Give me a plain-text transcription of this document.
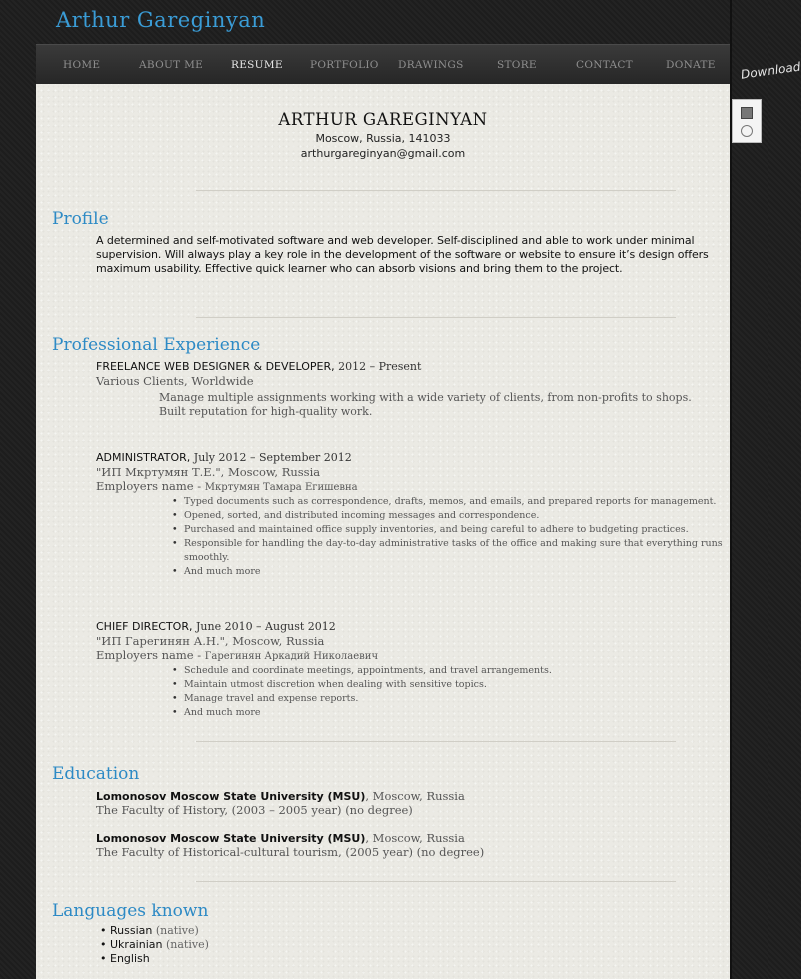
Arthur Gareginyan
HOME	ABOUT ME	RESUME	PORTFOLIO DRAWINGS	STORE	CONTACT	DONATE Download
ARTHUR GAREGINYAN
Moscow, Russia, 141033
arthurgareginyan@gmail.com
Profile
A determined and self-motivated software and web developer. Self-disciplined and able to work under minimal supervision. Will always play a key role in the development of the software or website to ensure it’s design offers maximum usability. Effective quick learner who can absorb visions and bring them to the project.
Professional Experience
FREELANCE WEB DESIGNER & DEVELOPER, 2012 – Present
Various Clients, Worldwide
Manage multiple assignments working with a wide variety of clients, from non-profits to shops. Built reputation for high-quality work.
ADMINISTRATOR, July 2012 – September 2012
"ИП Мкртумян Т.Е.", Moscow, Russia
Employers name - Мкртумян Тамара Егишевна
• Typed documents such as correspondence, drafts, memos, and emails, and prepared reports for management.
• Opened, sorted, and distributed incoming messages and correspondence.
• Purchased and maintained office supply inventories, and being careful to adhere to budgeting practices.
• Responsible for handling the day-to-day administrative tasks of the office and making sure that everything runs smoothly.
• And much more
CHIEF DIRECTOR, June 2010 – August 2012
"ИП Гарегинян А.Н.", Moscow, Russia
Employers name - Гарегинян Аркадий Николаевич
• Schedule and coordinate meetings, appointments, and travel arrangements.
• Maintain utmost discretion when dealing with sensitive topics.
• Manage travel and expense reports.
• And much more
Education
Lomonosov Moscow State University (MSU), Moscow, Russia
The Faculty of History, (2003 – 2005 year) (no degree)
Lomonosov Moscow State University (MSU), Moscow, Russia
The Faculty of Historical-cultural tourism, (2005 year) (no degree)
Languages known
• Russian (native)
• Ukrainian (native)
• English
